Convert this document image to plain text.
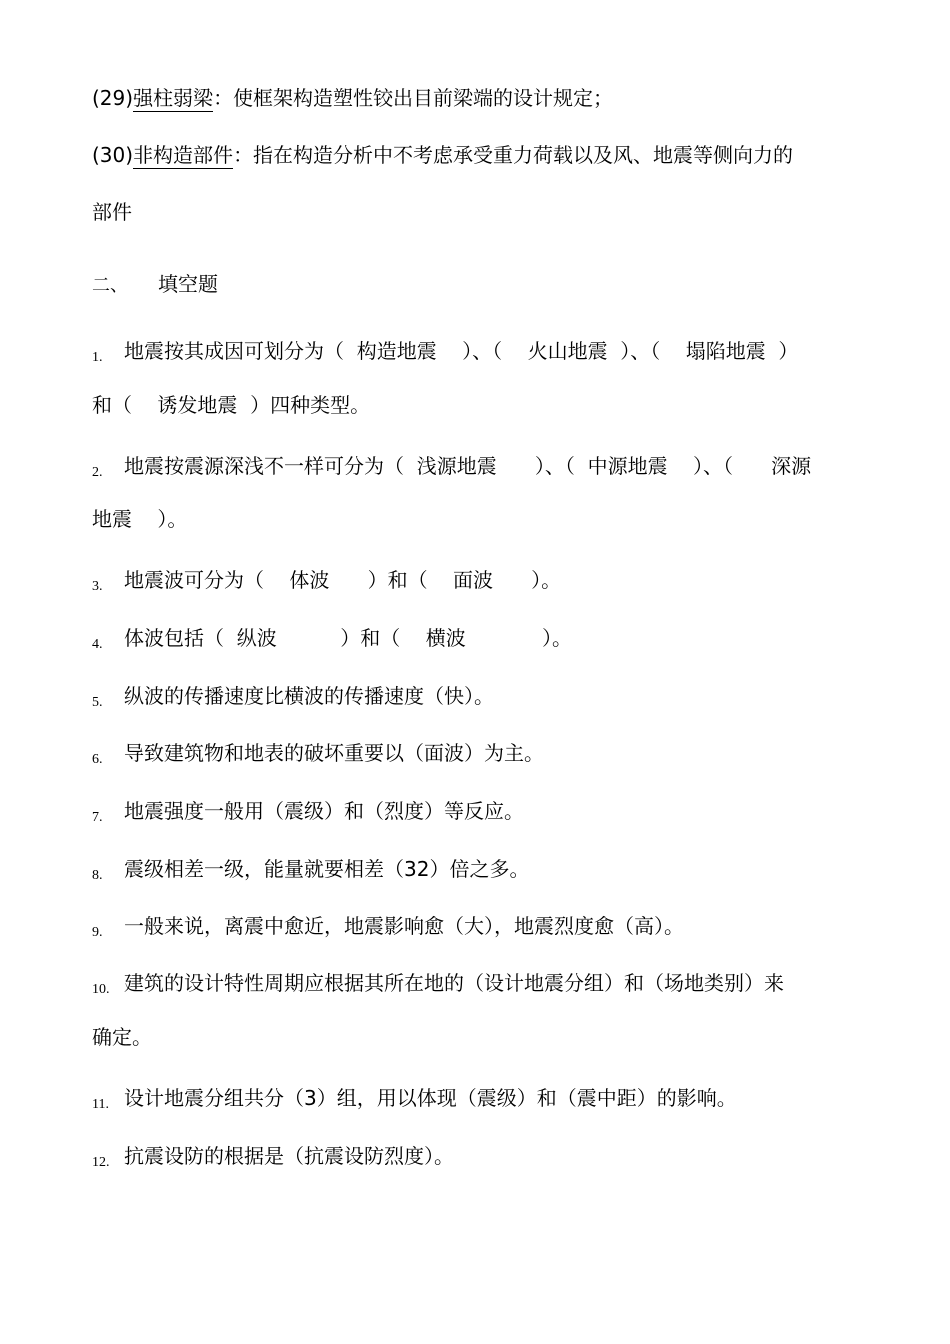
(29)强柱弱梁：使框架构造塑性铰出目前梁端的设计规定；
(30)非构造部件：指在构造分析中不考虑承受重力荷载以及风、地震等侧向力的
部件
二、 填空题
1. 地震按其成因可划分为（  构造地震    ）、（    火山地震  ）、（    塌陷地震  ）
和（    诱发地震  ）四种类型。
2. 地震按震源深浅不一样可分为（  浅源地震      ）、（  中源地震    ）、（      深源
地震    ）。
3. 地震波可分为（    体波      ）和（    面波      ）。
4. 体波包括（  纵波          ）和（    横波            ）。
5. 纵波的传播速度比横波的传播速度（快）。
6. 导致建筑物和地表的破坏重要以（面波）为主。
7. 地震强度一般用（震级）和（烈度）等反应。
8. 震级相差一级，能量就要相差（32）倍之多。
9. 一般来说，离震中愈近，地震影响愈（大），地震烈度愈（高）。
10. 建筑的设计特性周期应根据其所在地的（设计地震分组）和（场地类别）来
确定。
11. 设计地震分组共分（3）组，用以体现（震级）和（震中距）的影响。
12. 抗震设防的根据是（抗震设防烈度）。
